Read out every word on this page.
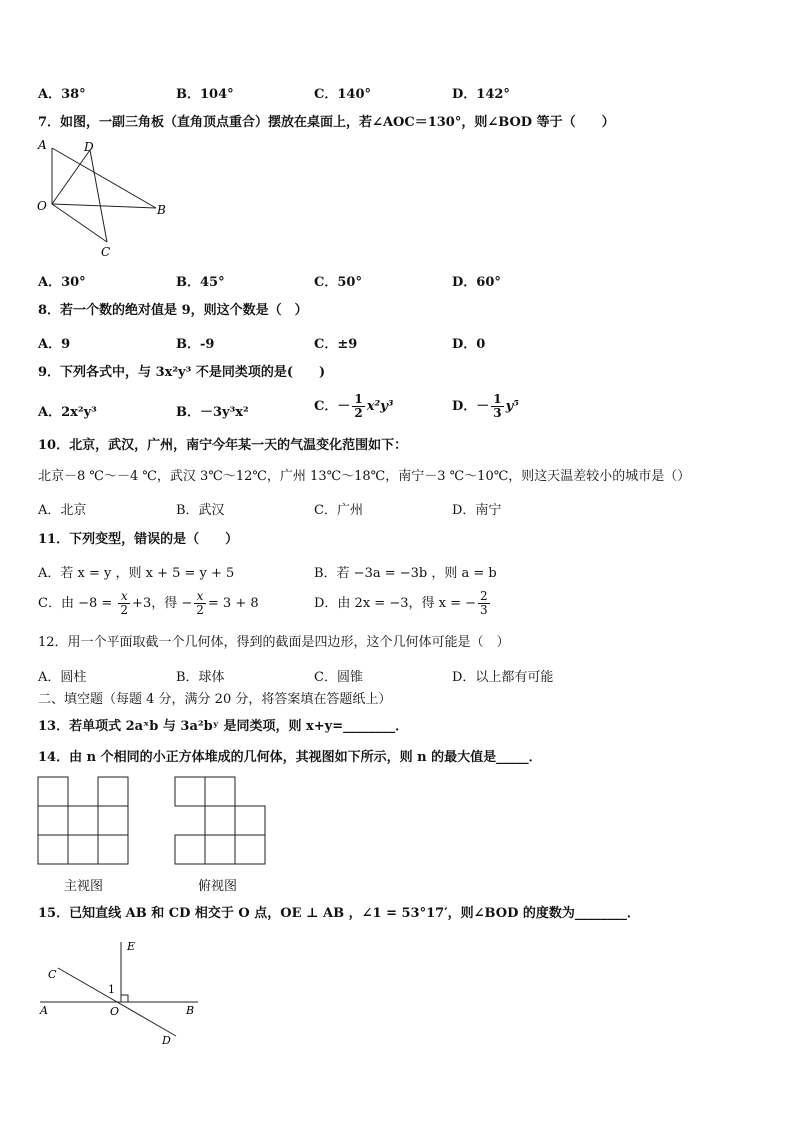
A．38°	B．104°	C．140°	D．142°
7．如图，一副三角板（直角顶点重合）摆放在桌面上，若∠AOC＝130°，则∠BOD 等于（　　）
A	D
O	B
C
A．30°	B．45°	C．50°	D．60°
8．若一个数的绝对值是 9，则这个数是（　）
A．9	B．-9	C．±9	D．0
9．下列各式中，与 3x²y³ 不是同类项的是(　　)
A．2x²y³	B．－3y³x²	C．－ $\frac{1}{2} x^2y^3$	D．－ $\frac{1}{3} y^5$
10．北京，武汉，广州，南宁今年某一天的气温变化范围如下：
北京－8 ℃～－4 ℃，武汉 3℃～12℃，广州 13℃～18℃，南宁－3 ℃～10℃，则这天温差较小的城市是（）
A．北京	B．武汉	C．广州	D．南宁
11．下列变型，错误的是（　　）
A．若 x = y ，则 x + 5 = y + 5	B．若 −3a = −3b ，则 a = b
C．由 $-8 = \frac{x}{2} +3$，得 − $\frac{x}{2} = 3 + 8$	D．由 2x = −3，得 x = − $\frac{2}{3}$
12．用一个平面取截一个几何体，得到的截面是四边形，这个几何体可能是（　）
A．圆柱	B．球体	C．圆锥	D．以上都有可能
二、填空题（每题 4 分，满分 20 分，将答案填在答题纸上）
13．若单项式 2aˣb 与 3a²bʸ 是同类项，则 x+y=________．
14．由 n 个相同的小正方体堆成的几何体，其视图如下所示，则 n 的最大值是_____．
主视图	俯视图
15．已知直线 AB 和 CD 相交于 O 点，OE ⊥ AB ，∠1 = 53°17′，则∠BOD 的度数为________．
E
C
1
A	O	B
D
